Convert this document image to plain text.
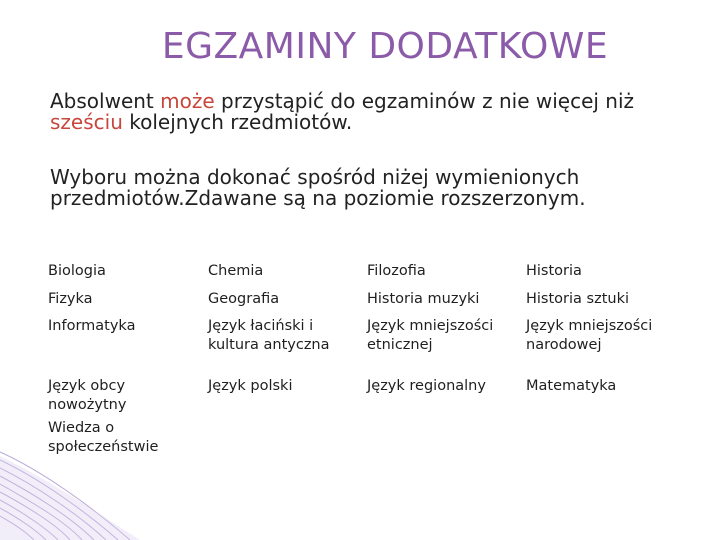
EGZAMINY DODATKOWE
Absolwent może przystąpić do egzaminów z nie więcej niż sześciu kolejnych rzedmiotów.
Wyboru można dokonać spośród niżej wymienionych przedmiotów.Zdawane są na poziomie rozszerzonym.
Biologia	Chemia	Filozofia	Historia
Fizyka	Geografia	Historia muzyki	Historia sztuki
Informatyka	Język łaciński i kultura antyczna	Język mniejszości etnicznej	Język mniejszości narodowej
Język obcy nowożytny	Język polski	Język regionalny	Matematyka
Wiedza o społeczeństwie			
